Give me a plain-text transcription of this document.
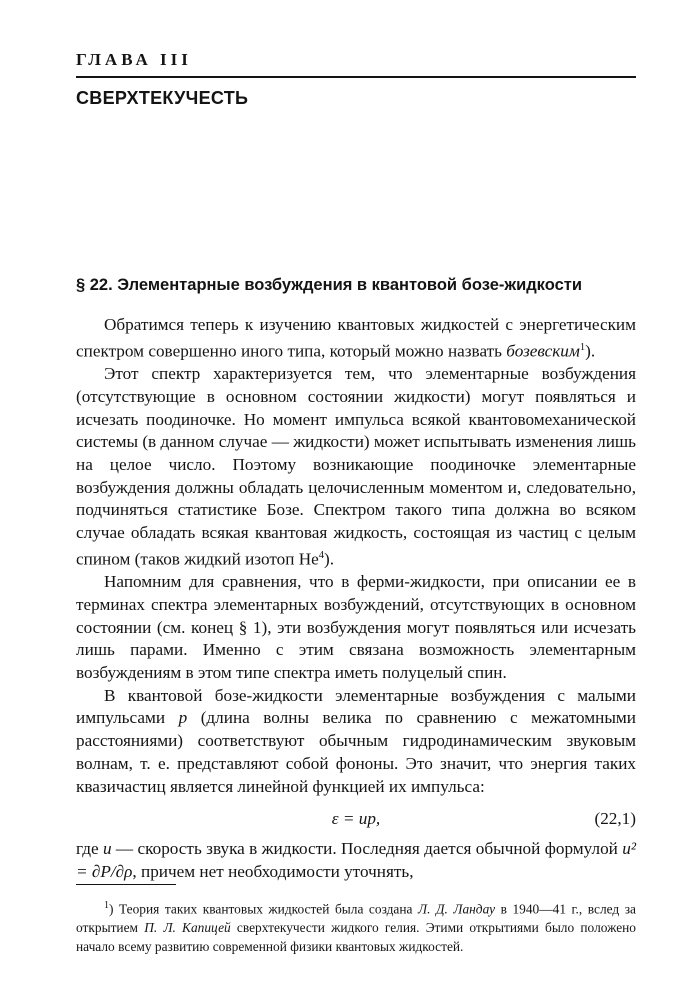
ГЛАВА III
СВЕРХТЕКУЧЕСТЬ
§ 22. Элементарные возбуждения в квантовой бозе-жидкости

Обратимся теперь к изучению квантовых жидкостей с энергетическим спектром совершенно иного типа, который можно назвать бозевским$^1$).

Этот спектр характеризуется тем, что элементарные возбуждения (отсутствующие в основном состоянии жидкости) могут появляться и исчезать поодиночке. Но момент импульса всякой квантовомеханической системы (в данном случае — жидкости) может испытывать изменения лишь на целое число. Поэтому возникающие поодиночке элементарные возбуждения должны обладать целочисленным моментом и, следовательно, подчиняться статистике Бозе. Спектром такого типа должна во всяком случае обладать всякая квантовая жидкость, состоящая из частиц с целым спином (таков жидкий изотоп He$^4$).

Напомним для сравнения, что в ферми-жидкости, при описании ее в терминах спектра элементарных возбуждений, отсутствующих в основном состоянии (см. конец § 1), эти возбуждения могут появляться или исчезать лишь парами. Именно с этим связана возможность элементарным возбуждениям в этом типе спектра иметь полуцелый спин.

В квантовой бозе-жидкости элементарные возбуждения с малыми импульсами p (длина волны велика по сравнению с межатомными расстояниями) соответствуют обычным гидродинамическим звуковым волнам, т. е. представляют собой фононы. Это значит, что энергия таких квазичастиц является линейной функцией их импульса:

ε = up,	(22,1)

где u — скорость звука в жидкости. Последняя дается обычной формулой u² = ∂P/∂ρ, причем нет необходимости уточнять,

$^1$) Теория таких квантовых жидкостей была создана Л. Д. Ландау в 1940—41 г., вслед за открытием П. Л. Капицей сверхтекучести жидкого гелия. Этими открытиями было положено начало всему развитию современной физики квантовых жидкостей.
